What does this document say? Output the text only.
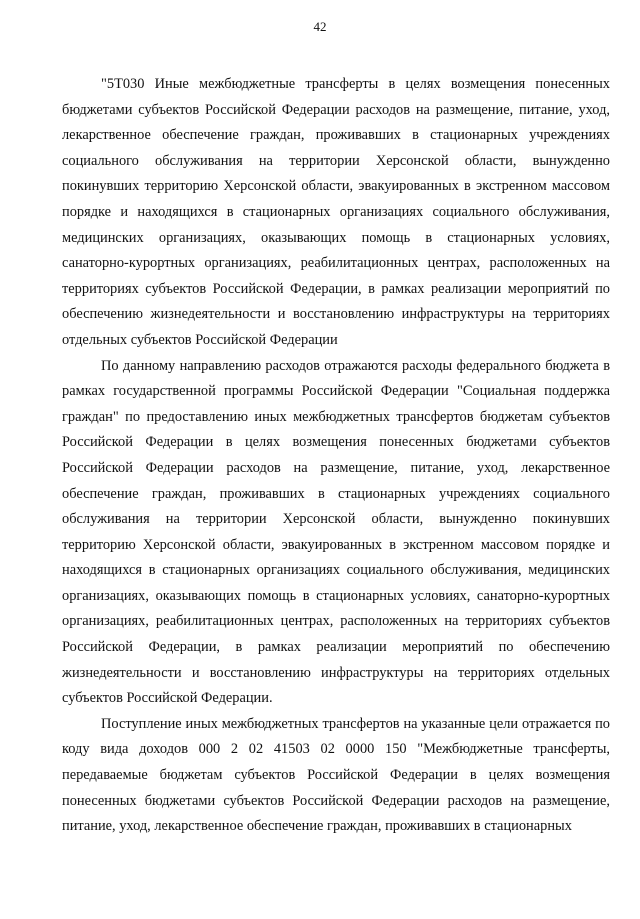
42

"5Т030 Иные межбюджетные трансферты в целях возмещения понесенных бюджетами субъектов Российской Федерации расходов на размещение, питание, уход, лекарственное обеспечение граждан, проживавших в стационарных учреждениях социального обслуживания на территории Херсонской области, вынужденно покинувших территорию Херсонской области, эвакуированных в экстренном массовом порядке и находящихся в стационарных организациях социального обслуживания, медицинских организациях, оказывающих помощь в стационарных условиях, санаторно-курортных организациях, реабилитационных центрах, расположенных на территориях субъектов Российской Федерации, в рамках реализации мероприятий по обеспечению жизнедеятельности и восстановлению инфраструктуры на территориях отдельных субъектов Российской Федерации

По данному направлению расходов отражаются расходы федерального бюджета в рамках государственной программы Российской Федерации "Социальная поддержка граждан" по предоставлению иных межбюджетных трансфертов бюджетам субъектов Российской Федерации в целях возмещения понесенных бюджетами субъектов Российской Федерации расходов на размещение, питание, уход, лекарственное обеспечение граждан, проживавших в стационарных учреждениях социального обслуживания на территории Херсонской области, вынужденно покинувших территорию Херсонской области, эвакуированных в экстренном массовом порядке и находящихся в стационарных организациях социального обслуживания, медицинских организациях, оказывающих помощь в стационарных условиях, санаторно-курортных организациях, реабилитационных центрах, расположенных на территориях субъектов Российской Федерации, в рамках реализации мероприятий по обеспечению жизнедеятельности и восстановлению инфраструктуры на территориях отдельных субъектов Российской Федерации.

Поступление иных межбюджетных трансфертов на указанные цели отражается по коду вида доходов 000 2 02 41503 02 0000 150 "Межбюджетные трансферты, передаваемые бюджетам субъектов Российской Федерации в целях возмещения понесенных бюджетами субъектов Российской Федерации расходов на размещение, питание, уход, лекарственное обеспечение граждан, проживавших в стационарных
